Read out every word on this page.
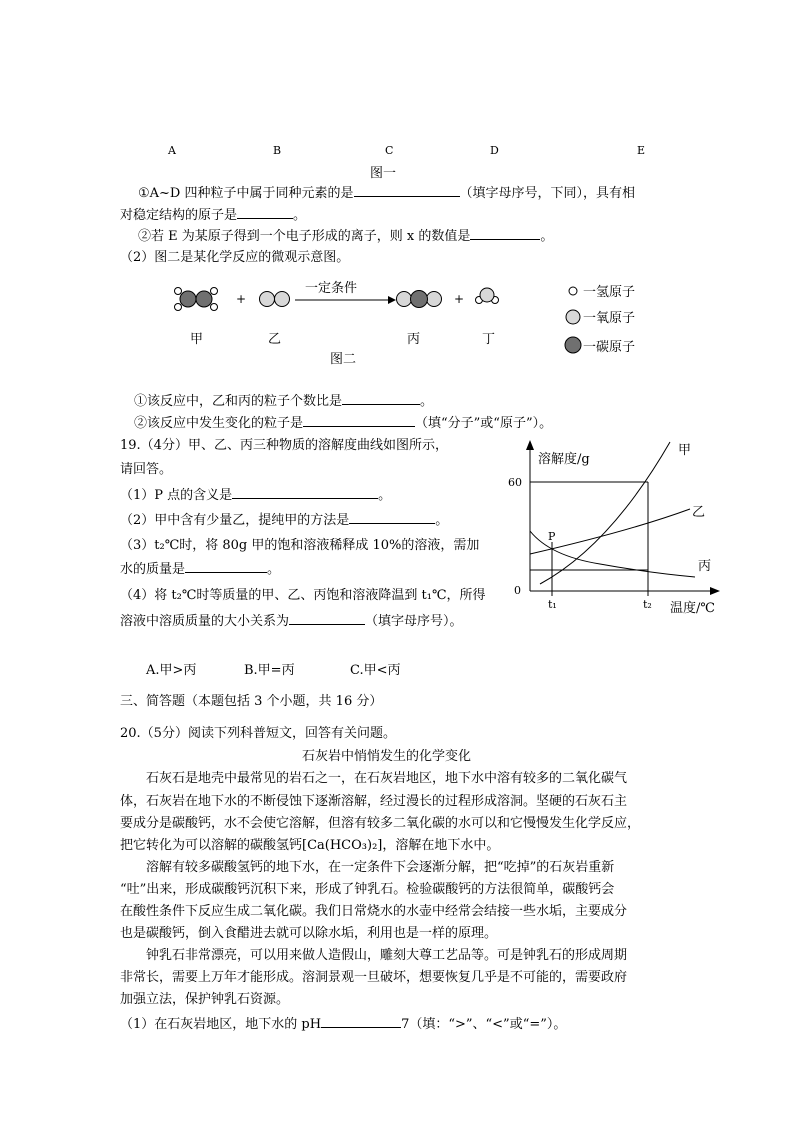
A	B	C	D	E
图一
①A~D 四种粒子中属于同种元素的是	（填字母序号，下同），具有相
对稳定结构的原子是	。
②若 E 为某原子得到一个电子形成的离子，则 x 的数值是	。
（2）图二是某化学反应的微观示意图。
+
一定条件
+	一氢原子
一氧原子
一碳原子
甲	乙	丙	丁
图二
①该反应中，乙和丙的粒子个数比是	。
②该反应中发生变化的粒子是	（填“分子”或“原子”）。
19.（4分）甲、乙、丙三种物质的溶解度曲线如图所示，
请回答。
（1）P 点的含义是	。
（2）甲中含有少量乙，提纯甲的方法是	。
（3）t₂℃时，将 80g 甲的饱和溶液稀释成 10%的溶液，需加
水的质量是	。
（4）将 t₂℃时等质量的甲、乙、丙饱和溶液降温到 t₁℃，所得
溶液中溶质质量的大小关系为	（填字母序号）。
A.甲>丙	B.甲=丙	C.甲<丙
60
0
t₁	t₂
P
溶解度/g
温度/℃
甲
乙
丙
三、简答题（本题包括 3 个小题，共 16 分）
20.（5分）阅读下列科普短文，回答有关问题。
石灰岩中悄悄发生的化学变化
石灰石是地壳中最常见的岩石之一，在石灰岩地区，地下水中溶有较多的二氧化碳气
体，石灰岩在地下水的不断侵蚀下逐渐溶解，经过漫长的过程形成溶洞。坚硬的石灰石主
要成分是碳酸钙，水不会使它溶解，但溶有较多二氧化碳的水可以和它慢慢发生化学反应，
把它转化为可以溶解的碳酸氢钙[Ca(HCO₃)₂]，溶解在地下水中。
溶解有较多碳酸氢钙的地下水，在一定条件下会逐渐分解，把“吃掉”的石灰岩重新
“吐”出来，形成碳酸钙沉积下来，形成了钟乳石。检验碳酸钙的方法很简单，碳酸钙会
在酸性条件下反应生成二氧化碳。我们日常烧水的水壶中经常会结接一些水垢，主要成分
也是碳酸钙，倒入食醋进去就可以除水垢，利用也是一样的原理。
钟乳石非常漂亮，可以用来做人造假山，雕刻大尊工艺品等。可是钟乳石的形成周期
非常长，需要上万年才能形成。溶洞景观一旦破坏，想要恢复几乎是不可能的，需要政府
加强立法，保护钟乳石资源。
（1）在石灰岩地区，地下水的 pH	7（填：“>”、“<”或“=”）。
